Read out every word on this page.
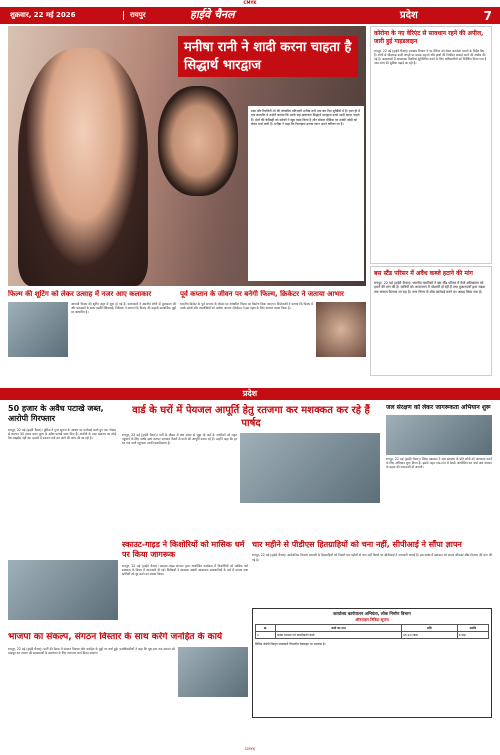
CMYK
शुक्रवार, 22 मई 2026	रायपुर	हाईवे चैनल	प्रदेश	7
मनीषा रानी ने शादी करना चाहता है सिद्धार्थ भारद्वाज
डांस और रियलिटी शो की लोकप्रिय प्रतिभागी मनीषा रानी एक बार फिर सुर्खियों में हैं। हाल ही में एक बातचीत में उन्होंने बताया कि उनके सह-कलाकार सिद्धार्थ भारद्वाज उनसे शादी करना चाहते हैं। दोनों की केमिस्ट्री को दर्शकों ने खूब पसंद किया है और सोशल मीडिया पर उनकी जोड़ी को लेकर चर्चा जारी है। मनीषा ने कहा कि फिलहाल उनका ध्यान अपने करियर पर है।
कोरोना के नए वेरिएंट से सावधान रहने की अपील, जारी हुई गाइडलाइन

रायपुर, 22 मई (हाईवे चैनल)। स्वास्थ्य विभाग ने नए वेरिएंट को लेकर सतर्कता बरतने के निर्देश दिए हैं। लोगों से भीड़भाड़ वाली जगहों पर मास्क पहनने और हाथों की नियमित सफाई करने की अपील की गई है। अस्पतालों में आवश्यक तैयारियां सुनिश्चित करने के लिए अधिकारियों को निर्देशित किया गया है तथा जांच की सुविधा बढ़ाई जा रही है।

बस स्टैंड परिसर में अवैध कब्जे हटाने की मांग

रायपुर, 22 मई (हाईवे चैनल)। स्थानीय नागरिकों ने बस स्टैंड परिसर में फैले अतिक्रमण को हटाने की मांग की है। यात्रियों को आवागमन में परेशानी हो रही है तथा दुकानदारों द्वारा सड़क तक सामान फैलाया जा रहा है। नगर निगम से शीघ्र कार्रवाई करने का आग्रह किया गया है।

फिल्म की शूटिंग को लेकर उत्साह में नजर आए कलाकार

आगामी फिल्म की शूटिंग शहर में शुरू हो गई है। कलाकारों ने स्थानीय लोगों से मुलाकात की और प्रशंसकों के साथ तस्वीरें खिंचवाईं। निर्देशक ने बताया कि फिल्म की कहानी सामाजिक मुद्दों पर आधारित है।

पूर्व कप्तान के जीवन पर बनेगी फिल्म, क्रिकेटर ने जताया आभार

भारतीय क्रिकेट के पूर्व कप्तान के जीवन पर आधारित फिल्म का निर्माण किया जाएगा। निर्माताओं ने बताया कि फिल्म में उनके संघर्ष और उपलब्धियों को दर्शाया जाएगा। क्रिकेटर ने इस पहल के लिए आभार व्यक्त किया है।

प्रदेश
50 हजार के अवैध पटाखे जब्त, आरोपी गिरफ्तार

रायपुर, 22 मई (हाईवे चैनल)। पुलिस ने गुप्त सूचना के आधार पर कार्रवाई करते हुए एक गोदाम से लगभग 50 हजार रुपए मूल्य के अवैध पटाखे जब्त किए हैं। आरोपी के पास भंडारण का कोई वैध लाइसेंस नहीं था। मामले में प्रकरण दर्ज कर आगे की जांच की जा रही है।

वार्ड के घरों में पेयजल आपूर्ति हेतु रतजगा कर मशक्कत कर रहे हैं पार्षद

रायपुर, 22 मई (हाईवे चैनल)। गर्मी के मौसम में जल संकट से जूझ रहे वार्ड के नागरिकों को राहत पहुंचाने के लिए पार्षद स्वयं रातभर जागकर टैंकरों से पानी की आपूर्ति करवा रहे हैं। उन्होंने कहा कि हर घर तक पानी पहुंचाना उनकी प्राथमिकता है।

जल संरक्षण को लेकर जागरूकता अभियान शुरू

रायपुर, 22 मई (हाईवे चैनल)। जिला प्रशासन ने जल संरक्षण के प्रति लोगों को जागरूक करने के लिए अभियान शुरू किया है। इसके तहत गांव-गांव में बैठकें आयोजित कर वर्षा जल संचयन के महत्व की जानकारी दी जाएगी।

स्काउट-गाइड ने किशोरियों को मासिक धर्म पर किया जागरूक

रायपुर, 22 मई (हाईवे चैनल)। स्काउट-गाइड संगठन द्वारा आयोजित कार्यक्रम में किशोरियों को मासिक धर्म स्वच्छता के विषय में जानकारी दी गई। विशेषज्ञों ने स्वच्छता संबंधी आवश्यक सावधानियों के बारे में बताया तथा भ्रांतियों को दूर करने का प्रयास किया।

चार महीने से पीडीएस हितग्राहियों को चना नहीं, सीपीआई ने सौंपा ज्ञापन

रायपुर, 22 मई (हाईवे चैनल)। सार्वजनिक वितरण प्रणाली के हितग्राहियों को पिछले चार महीनों से चना नहीं मिलने पर सीपीआई ने नाराजगी जताई है। इस संबंध में प्रशासन को ज्ञापन सौंपकर शीघ्र वितरण की मांग की गई है।

भाजपा का संकल्प, संगठन विस्तार के साथ करेंगे जनहित के कार्य

रायपुर, 22 मई (हाईवे चैनल)। पार्टी की बैठक में संगठन विस्तार और जनहित के मुद्दों पर चर्चा हुई। पदाधिकारियों ने कहा कि बूथ स्तर तक संगठन को मजबूत कर जनता की समस्याओं के समाधान के लिए लगातार कार्य किया जाएगा।

कार्यालय कार्यपालन अभियंता, लोक निर्माण विभाग
ऑनलाइन निविदा सूचना
क्र.	कार्य का नाम	राशि	अवधि
1	सड़क मरम्मत एवं डामरीकरण कार्य	45.20 लाख	6 माह

निविदा संबंधी विस्तृत जानकारी विभागीय वेबसाइट पर उपलब्ध है।

CMYK
